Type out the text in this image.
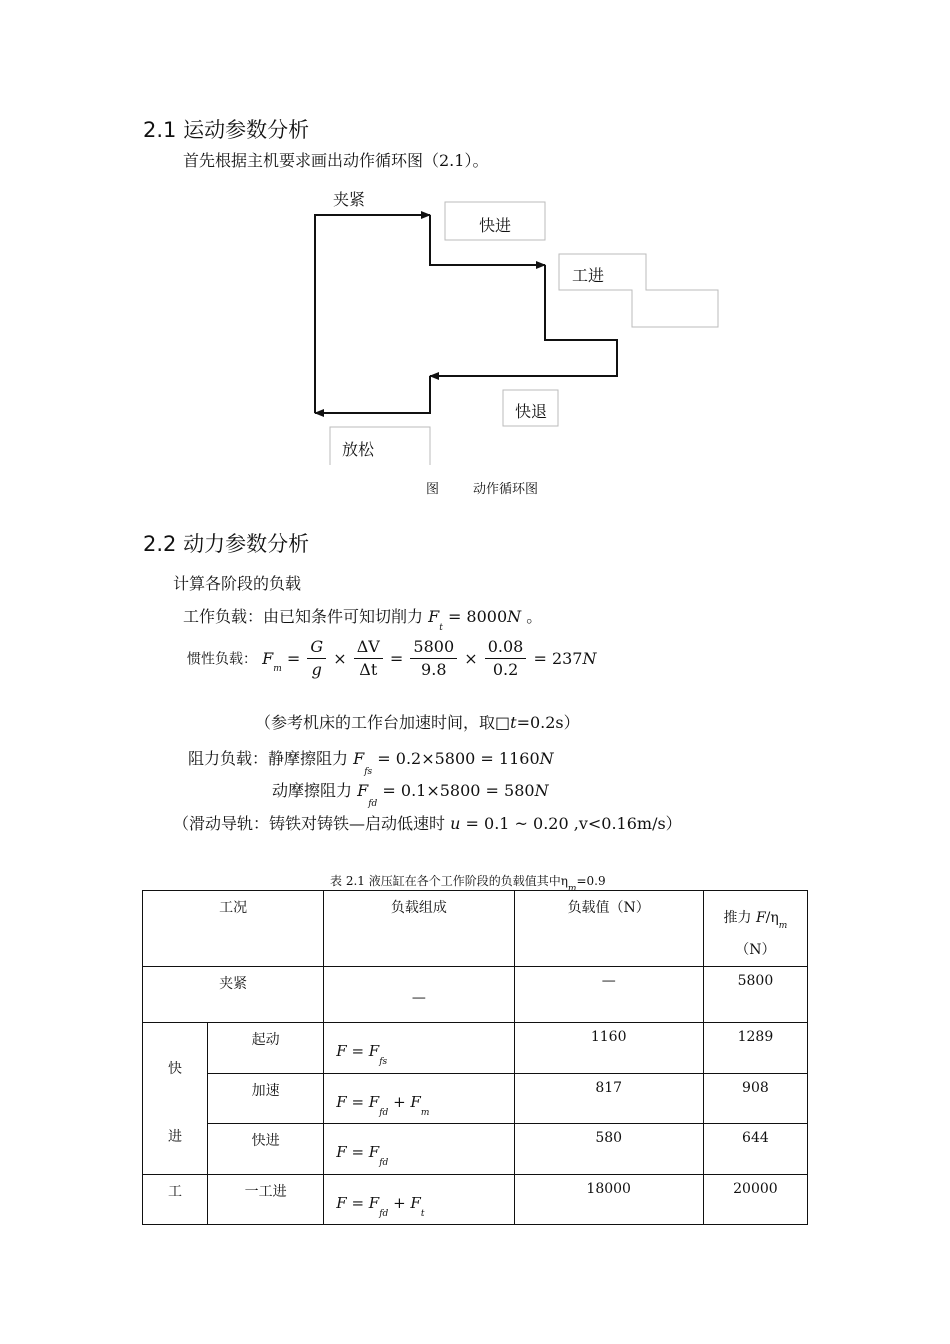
2.1 运动参数分析
首先根据主机要求画出动作循环图（2.1）。
夹紧
快进
工进
快退
放松
图	动作循环图
2.2 动力参数分析
计算各阶段的负载
工作负载：由已知条件可知切削力 $F_t = 8000N$ 。
惯性负载： $F_m = \frac{G}{g} \times \frac{\Delta V}{\Delta t} = \frac{5800}{9.8} \times \frac{0.08}{0.2} = 237N$
（参考机床的工作台加速时间，取□t=0.2s）
阻力负载：静摩擦阻力 $F_{fs} = 0.2\times 5800 = 1160N$
动摩擦阻力 $F_{fd} = 0.1\times 5800 = 580N$
（滑动导轨：铸铁对铸铁—启动低速时 u = 0.1 ~ 0.20 ,v<0.16m/s）
表 2.1 液压缸在各个工作阶段的负载值其中$\eta_m=0.9$
工况		负载组成	负载值（N）	推力 $F/\eta_m$
（N）
夹紧		—	—	5800
快

进	起动	$F = F_{fs}$	1160	1289
	加速	$F = F_{fd} + F_m$	817	908
	快进	$F = F_{fd}$	580	644
工	一工进	$F = F_{fd} + F_t$	18000	20000
